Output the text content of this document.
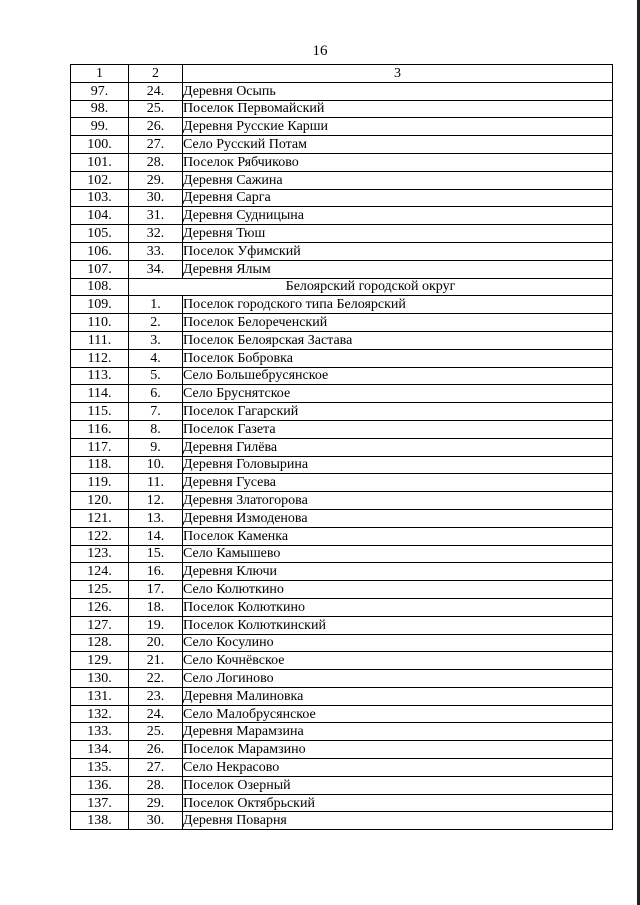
16
1	2	3
97.	24.	Деревня Осыпь
98.	25.	Поселок Первомайский
99.	26.	Деревня Русские Карши
100.	27.	Село Русский Потам
101.	28.	Поселок Рябчиково
102.	29.	Деревня Сажина
103.	30.	Деревня Сарга
104.	31.	Деревня Судницына
105.	32.	Деревня Тюш
106.	33.	Поселок Уфимский
107.	34.	Деревня Ялым
108.	Белоярский городской округ	
109.	1.	Поселок городского типа Белоярский
110.	2.	Поселок Белореченский
111.	3.	Поселок Белоярская Застава
112.	4.	Поселок Бобровка
113.	5.	Село Большебрусянское
114.	6.	Село Бруснятское
115.	7.	Поселок Гагарский
116.	8.	Поселок Газета
117.	9.	Деревня Гилёва
118.	10.	Деревня Головырина
119.	11.	Деревня Гусева
120.	12.	Деревня Златогорова
121.	13.	Деревня Измоденова
122.	14.	Поселок Каменка
123.	15.	Село Камышево
124.	16.	Деревня Ключи
125.	17.	Село Колюткино
126.	18.	Поселок Колюткино
127.	19.	Поселок Колюткинский
128.	20.	Село Косулино
129.	21.	Село Кочнёвское
130.	22.	Село Логиново
131.	23.	Деревня Малиновка
132.	24.	Село Малобрусянское
133.	25.	Деревня Марамзина
134.	26.	Поселок Марамзино
135.	27.	Село Некрасово
136.	28.	Поселок Озерный
137.	29.	Поселок Октябрьский
138.	30.	Деревня Поварня
